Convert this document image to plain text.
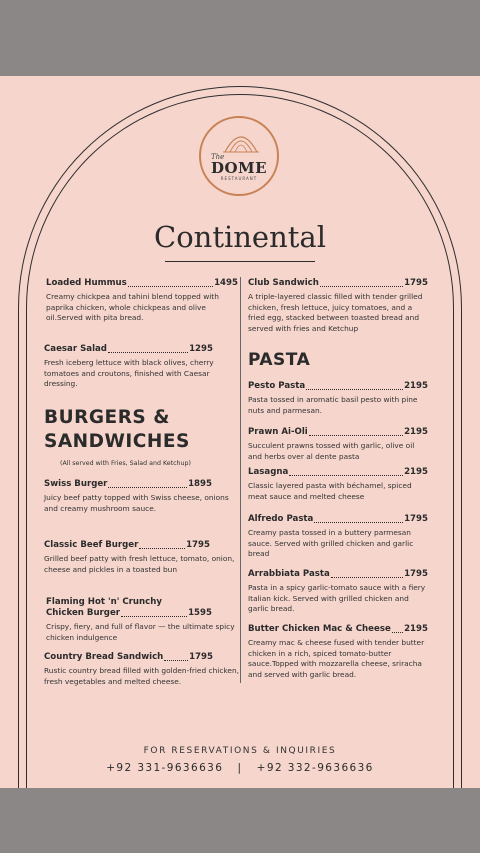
The
DOME
RESTAURANT
Continental
Loaded Hummus	1495
Creamy chickpea and tahini blend topped with paprika chicken, whole chickpeas and olive oil.Served with pita bread.
Caesar Salad	1295
Fresh iceberg lettuce with black olives, cherry tomatoes and croutons, finished with Caesar dressing.
BURGERS &
SANDWICHES
(All served with Fries, Salad and Ketchup)
Swiss Burger	1895
Juicy beef patty topped with Swiss cheese, onions and creamy mushroom sauce.
Classic Beef Burger	1795
Grilled beef patty with fresh lettuce, tomato, onion, cheese and pickles in a toasted bun
Flaming Hot 'n' Crunchy
Chicken Burger	1595
Crispy, fiery, and full of flavor — the ultimate spicy chicken indulgence
Country Bread Sandwich	1795
Rustic country bread filled with golden-fried chicken, fresh vegetables and melted cheese.
Club Sandwich	1795
A triple-layered classic filled with tender grilled chicken, fresh lettuce, juicy tomatoes, and a fried egg, stacked between toasted bread and served with fries and Ketchup
PASTA
Pesto Pasta	2195
Pasta tossed in aromatic basil pesto with pine nuts and parmesan.
Prawn Ai-Oli	2195
Succulent prawns tossed with garlic, olive oil and herbs over al dente pasta
Lasagna	2195
Classic layered pasta with béchamel, spiced meat sauce and melted cheese
Alfredo Pasta	1795
Creamy pasta tossed in a buttery parmesan sauce. Served with grilled chicken and garlic bread
Arrabbiata Pasta	1795
Pasta in a spicy garlic-tomato sauce with a fiery Italian kick. Served with grilled chicken and garlic bread.
Butter Chicken Mac & Cheese 2195
Creamy mac & cheese fused with tender butter chicken in a rich, spiced tomato-butter sauce.Topped with mozzarella cheese, sriracha and served with garlic bread.
FOR RESERVATIONS & INQUIRIES
+92 331-9636636   |   +92 332-9636636
